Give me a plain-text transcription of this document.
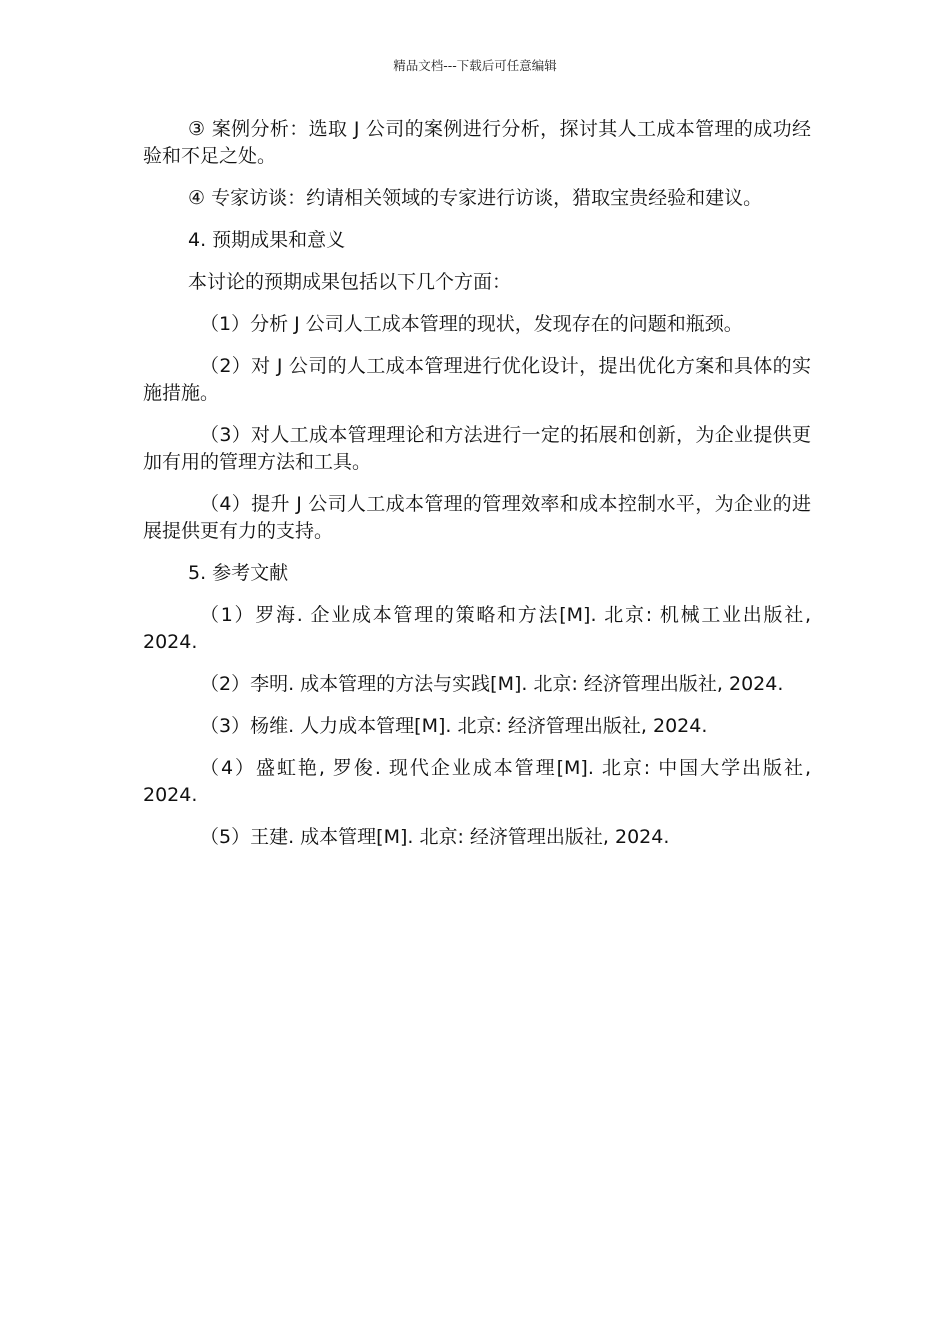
精品文档---下载后可任意编辑

③ 案例分析：选取 J 公司的案例进行分析，探讨其人工成本管理的成功经验和不足之处。

④ 专家访谈：约请相关领域的专家进行访谈，猎取宝贵经验和建议。

4. 预期成果和意义

本讨论的预期成果包括以下几个方面：

（1）分析 J 公司人工成本管理的现状，发现存在的问题和瓶颈。

（2）对 J 公司的人工成本管理进行优化设计，提出优化方案和具体的实施措施。

（3）对人工成本管理理论和方法进行一定的拓展和创新，为企业提供更加有用的管理方法和工具。

（4）提升 J 公司人工成本管理的管理效率和成本控制水平，为企业的进展提供更有力的支持。

5. 参考文献

（1）罗海. 企业成本管理的策略和方法[M]. 北京: 机械工业出版社, 2024.

（2）李明. 成本管理的方法与实践[M]. 北京: 经济管理出版社, 2024.

（3）杨维. 人力成本管理[M]. 北京: 经济管理出版社, 2024.

（4）盛虹艳, 罗俊. 现代企业成本管理[M]. 北京: 中国大学出版社, 2024.

（5）王建. 成本管理[M]. 北京: 经济管理出版社, 2024.
